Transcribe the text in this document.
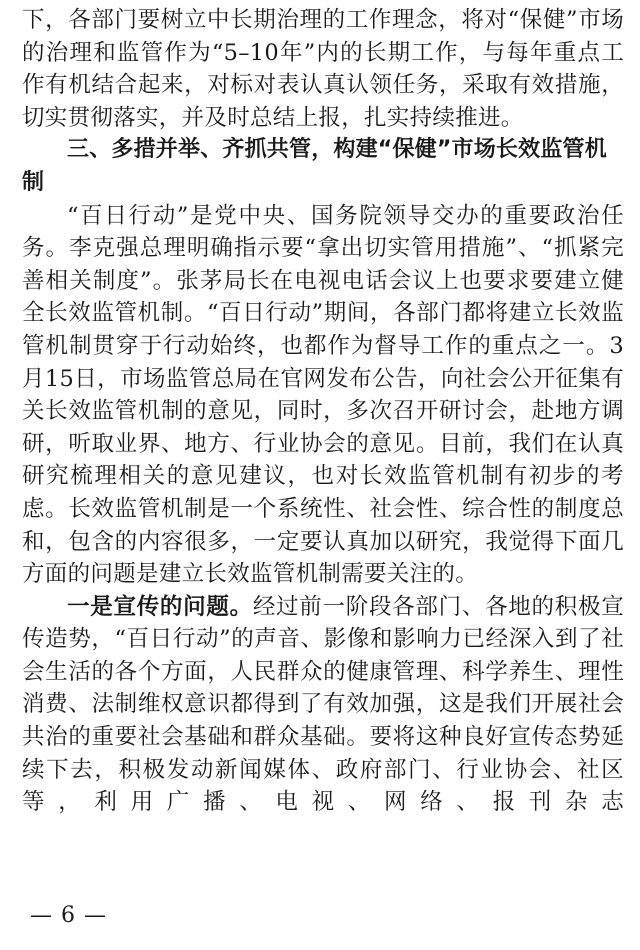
下，各部门要树立中长期治理的工作理念，将对“保健”市场的治理和监管作为“5–10年”内的长期工作，与每年重点工作有机结合起来，对标对表认真认领任务，采取有效措施，切实贯彻落实，并及时总结上报，扎实持续推进。

三、多措并举、齐抓共管，构建“保健”市场长效监管机制

“百日行动”是党中央、国务院领导交办的重要政治任务。李克强总理明确指示要“拿出切实管用措施”、“抓紧完善相关制度”。张茅局长在电视电话会议上也要求要建立健全长效监管机制。“百日行动”期间，各部门都将建立长效监管机制贯穿于行动始终，也都作为督导工作的重点之一。3月15日，市场监管总局在官网发布公告，向社会公开征集有关长效监管机制的意见，同时，多次召开研讨会，赴地方调研，听取业界、地方、行业协会的意见。目前，我们在认真研究梳理相关的意见建议，也对长效监管机制有初步的考虑。长效监管机制是一个系统性、社会性、综合性的制度总和，包含的内容很多，一定要认真加以研究，我觉得下面几方面的问题是建立长效监管机制需要关注的。

一是宣传的问题。经过前一阶段各部门、各地的积极宣传造势，“百日行动”的声音、影像和影响力已经深入到了社会生活的各个方面，人民群众的健康管理、科学养生、理性消费、法制维权意识都得到了有效加强，这是我们开展社会共治的重要社会基础和群众基础。要将这种良好宣传态势延续下去，积极发动新闻媒体、政府部门、行业协会、社区等，利用广播、电视、网络、报刊杂志

— 6 —
